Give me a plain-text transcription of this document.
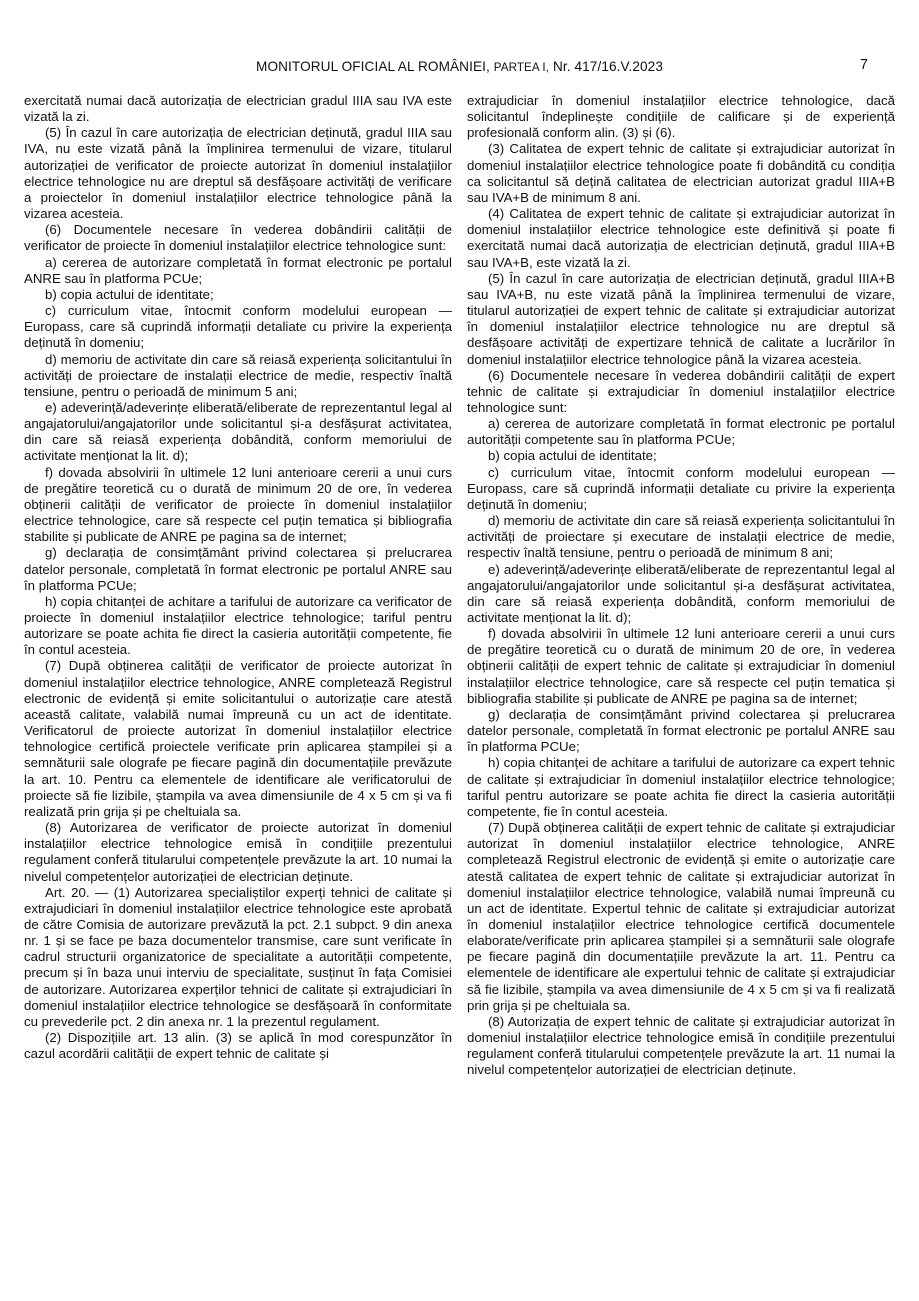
MONITORUL OFICIAL AL ROMÂNIEI, PARTEA I, Nr. 417/16.V.2023	7

exercitată numai dacă autorizația de electrician gradul IIIA sau IVA este vizată la zi.

(5) În cazul în care autorizația de electrician deținută, gradul IIIA sau IVA, nu este vizată până la împlinirea termenului de vizare, titularul autorizației de verificator de proiecte autorizat în domeniul instalațiilor electrice tehnologice nu are dreptul să desfășoare activități de verificare a proiectelor în domeniul instalațiilor electrice tehnologice până la vizarea acesteia.

(6) Documentele necesare în vederea dobândirii calității de verificator de proiecte în domeniul instalațiilor electrice tehnologice sunt:

a) cererea de autorizare completată în format electronic pe portalul ANRE sau în platforma PCUe;

b) copia actului de identitate;

c) curriculum vitae, întocmit conform modelului european — Europass, care să cuprindă informații detaliate cu privire la experiența deținută în domeniu;

d) memoriu de activitate din care să reiasă experiența solicitantului în activități de proiectare de instalații electrice de medie, respectiv înaltă tensiune, pentru o perioadă de minimum 5 ani;

e) adeverință/adeverințe eliberată/eliberate de reprezentantul legal al angajatorului/angajatorilor unde solicitantul și-a desfășurat activitatea, din care să reiasă experiența dobândită, conform memoriului de activitate menționat la lit. d);

f) dovada absolvirii în ultimele 12 luni anterioare cererii a unui curs de pregătire teoretică cu o durată de minimum 20 de ore, în vederea obținerii calității de verificator de proiecte în domeniul instalațiilor electrice tehnologice, care să respecte cel puțin tematica și bibliografia stabilite și publicate de ANRE pe pagina sa de internet;

g) declarația de consimțământ privind colectarea și prelucrarea datelor personale, completată în format electronic pe portalul ANRE sau în platforma PCUe;

h) copia chitanței de achitare a tarifului de autorizare ca verificator de proiecte în domeniul instalațiilor electrice tehnologice; tariful pentru autorizare se poate achita fie direct la casieria autorității competente, fie în contul acesteia.

(7) După obținerea calității de verificator de proiecte autorizat în domeniul instalațiilor electrice tehnologice, ANRE completează Registrul electronic de evidență și emite solicitantului o autorizație care atestă această calitate, valabilă numai împreună cu un act de identitate. Verificatorul de proiecte autorizat în domeniul instalațiilor electrice tehnologice certifică proiectele verificate prin aplicarea ștampilei și a semnăturii sale olografe pe fiecare pagină din documentațiile prevăzute la art. 10. Pentru ca elementele de identificare ale verificatorului de proiecte să fie lizibile, ștampila va avea dimensiunile de 4 x 5 cm și va fi realizată prin grija și pe cheltuiala sa.

(8) Autorizarea de verificator de proiecte autorizat în domeniul instalațiilor electrice tehnologice emisă în condițiile prezentului regulament conferă titularului competențele prevăzute la art. 10 numai la nivelul competențelor autorizației de electrician deținute.

Art. 20. — (1) Autorizarea specialiștilor experți tehnici de calitate și extrajudiciari în domeniul instalațiilor electrice tehnologice este aprobată de către Comisia de autorizare prevăzută la pct. 2.1 subpct. 9 din anexa nr. 1 și se face pe baza documentelor transmise, care sunt verificate în cadrul structurii organizatorice de specialitate a autorității competente, precum și în baza unui interviu de specialitate, susținut în fața Comisiei de autorizare. Autorizarea experților tehnici de calitate și extrajudiciari în domeniul instalațiilor electrice tehnologice se desfășoară în conformitate cu prevederile pct. 2 din anexa nr. 1 la prezentul regulament.

(2) Dispozițiile art. 13 alin. (3) se aplică în mod corespunzător în cazul acordării calității de expert tehnic de calitate și

extrajudiciar în domeniul instalațiilor electrice tehnologice, dacă solicitantul îndeplinește condițiile de calificare și de experiență profesională conform alin. (3) și (6).

(3) Calitatea de expert tehnic de calitate și extrajudiciar autorizat în domeniul instalațiilor electrice tehnologice poate fi dobândită cu condiția ca solicitantul să dețină calitatea de electrician autorizat gradul IIIA+B sau IVA+B de minimum 8 ani.

(4) Calitatea de expert tehnic de calitate și extrajudiciar autorizat în domeniul instalațiilor electrice tehnologice este definitivă și poate fi exercitată numai dacă autorizația de electrician deținută, gradul IIIA+B sau IVA+B, este vizată la zi.

(5) În cazul în care autorizația de electrician deținută, gradul IIIA+B sau IVA+B, nu este vizată până la împlinirea termenului de vizare, titularul autorizației de expert tehnic de calitate și extrajudiciar autorizat în domeniul instalațiilor electrice tehnologice nu are dreptul să desfășoare activități de expertizare tehnică de calitate a lucrărilor în domeniul instalațiilor electrice tehnologice până la vizarea acesteia.

(6) Documentele necesare în vederea dobândirii calității de expert tehnic de calitate și extrajudiciar în domeniul instalațiilor electrice tehnologice sunt:

a) cererea de autorizare completată în format electronic pe portalul autorității competente sau în platforma PCUe;

b) copia actului de identitate;

c) curriculum vitae, întocmit conform modelului european — Europass, care să cuprindă informații detaliate cu privire la experiența deținută în domeniu;

d) memoriu de activitate din care să reiasă experiența solicitantului în activități de proiectare și executare de instalații electrice de medie, respectiv înaltă tensiune, pentru o perioadă de minimum 8 ani;

e) adeverință/adeverințe eliberată/eliberate de reprezentantul legal al angajatorului/angajatorilor unde solicitantul și-a desfășurat activitatea, din care să reiasă experiența dobândită, conform memoriului de activitate menționat la lit. d);

f) dovada absolvirii în ultimele 12 luni anterioare cererii a unui curs de pregătire teoretică cu o durată de minimum 20 de ore, în vederea obținerii calității de expert tehnic de calitate și extrajudiciar în domeniul instalațiilor electrice tehnologice, care să respecte cel puțin tematica și bibliografia stabilite și publicate de ANRE pe pagina sa de internet;

g) declarația de consimțământ privind colectarea și prelucrarea datelor personale, completată în format electronic pe portalul ANRE sau în platforma PCUe;

h) copia chitanței de achitare a tarifului de autorizare ca expert tehnic de calitate și extrajudiciar în domeniul instalațiilor electrice tehnologice; tariful pentru autorizare se poate achita fie direct la casieria autorității competente, fie în contul acesteia.

(7) După obținerea calității de expert tehnic de calitate și extrajudiciar autorizat în domeniul instalațiilor electrice tehnologice, ANRE completează Registrul electronic de evidență și emite o autorizație care atestă calitatea de expert tehnic de calitate și extrajudiciar autorizat în domeniul instalațiilor electrice tehnologice, valabilă numai împreună cu un act de identitate. Expertul tehnic de calitate și extrajudiciar autorizat în domeniul instalațiilor electrice tehnologice certifică documentele elaborate/verificate prin aplicarea ștampilei și a semnăturii sale olografe pe fiecare pagină din documentațiile prevăzute la art. 11. Pentru ca elementele de identificare ale expertului tehnic de calitate și extrajudiciar să fie lizibile, ștampila va avea dimensiunile de 4 x 5 cm și va fi realizată prin grija și pe cheltuiala sa.

(8) Autorizația de expert tehnic de calitate și extrajudiciar autorizat în domeniul instalațiilor electrice tehnologice emisă în condițiile prezentului regulament conferă titularului competențele prevăzute la art. 11 numai la nivelul competențelor autorizației de electrician deținute.
